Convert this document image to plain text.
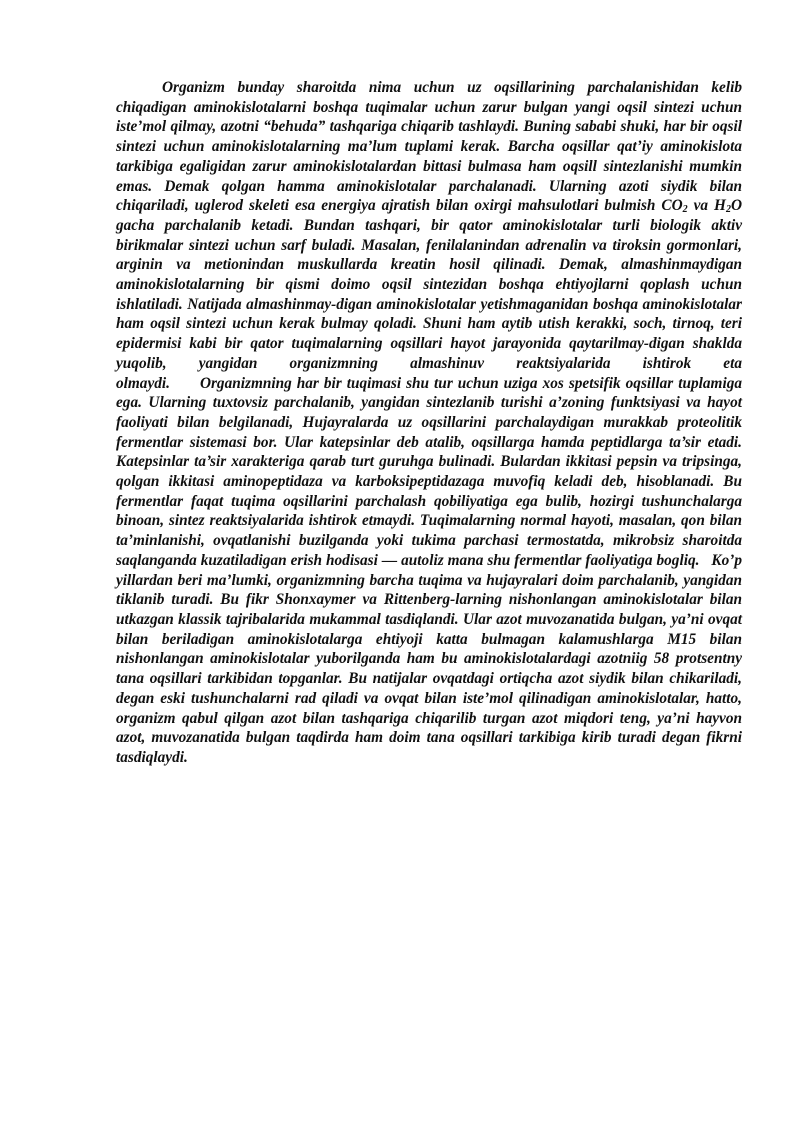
Organizm bunday sharoitda nima uchun uz oqsillarining parchalanishidan kelib chiqadigan aminokislotalarni boshqa tuqimalar uchun zarur bulgan yangi oqsil sintezi uchun iste’mol qilmay, azotni “behuda” tashqariga chiqarib tashlaydi. Buning sababi shuki, har bir oqsil sintezi uchun aminokislotalarning ma’lum tuplami kerak. Barcha oqsillar qat’iy aminokislota tarkibiga egaligidan zarur aminokislotalardan bittasi bulmasa ham oqsill sintezlanishi mumkin emas. Demak qolgan hamma aminokislotalar parchalanadi. Ularning azoti siydik bilan chiqariladi, uglerod skeleti esa energiya ajratish bilan oxirgi mahsulotlari bulmish $CO_2$ va $H_2O$ gacha parchalanib ketadi. Bundan tashqari, bir qator aminokislotalar turli biologik aktiv birikmalar sintezi uchun sarf buladi. Masalan, fenilalanindan adrenalin va tiroksin gormonlari, arginin va metionindan muskullarda kreatin hosil qilinadi. Demak, almashinmaydigan aminokislotalarning bir qismi doimo oqsil sintezidan boshqa ehtiyojlarni qoplash uchun ishlatiladi. Natijada almashinmay-digan aminokislotalar yetishmaganidan boshqa aminokislotalar ham oqsil sintezi uchun kerak bulmay qoladi. Shuni ham aytib utish kerakki, soch, tirnoq, teri epidermisi kabi bir qator tuqimalarning oqsillari hayot jarayonida qaytarilmay-digan shaklda yuqolib, yangidan organizmning almashinuv reaktsiyalarida ishtirok eta olmaydi. Organizmning har bir tuqimasi shu tur uchun uziga xos spetsifik oqsillar tuplamiga ega. Ularning tuxtovsiz parchalanib, yangidan sintezlanib turishi a’zoning funktsiyasi va hayot faoliyati bilan belgilanadi, Hujayralarda uz oqsillarini parchalaydigan murakkab proteolitik fermentlar sistemasi bor. Ular katepsinlar deb atalib, oqsillarga hamda peptidlarga ta’sir etadi. Katepsinlar ta’sir xarakteriga qarab turt guruhga bulinadi. Bulardan ikkitasi pepsin va tripsinga, qolgan ikkitasi aminopeptidaza va karboksipeptidazaga muvofiq keladi deb, hisoblanadi. Bu fermentlar faqat tuqima oqsillarini parchalash qobiliyatiga ega bulib, hozirgi tushunchalarga binoan, sintez reaktsiyalarida ishtirok etmaydi. Tuqimalarning normal hayoti, masalan, qon bilan ta’minlanishi, ovqatlanishi buzilganda yoki tukima parchasi termostatda, mikrobsiz sharoitda saqlanganda kuzatiladigan erish hodisasi — autoliz mana shu fermentlar faoliyatiga bogliq. Ko’p yillardan beri ma’lumki, organizmning barcha tuqima va hujayralari doim parchalanib, yangidan tiklanib turadi. Bu fikr Shonxaymer va Rittenberg-larning nishonlangan aminokislotalar bilan utkazgan klassik tajribalarida mukammal tasdiqlandi. Ular azot muvozanatida bulgan, ya’ni ovqat bilan beriladigan aminokislotalarga ehtiyoji katta bulmagan kalamushlarga M15 bilan nishonlangan aminokislotalar yuborilganda ham bu aminokislotalardagi azotniig 58 protsentny tana oqsillari tarkibidan topganlar. Bu natijalar ovqatdagi ortiqcha azot siydik bilan chikariladi, degan eski tushunchalarni rad qiladi va ovqat bilan iste’mol qilinadigan aminokislotalar, hatto, organizm qabul qilgan azot bilan tashqariga chiqarilib turgan azot miqdori teng, ya’ni hayvon azot, muvozanatida bulgan taqdirda ham doim tana oqsillari tarkibiga kirib turadi degan fikrni tasdiqlaydi.
